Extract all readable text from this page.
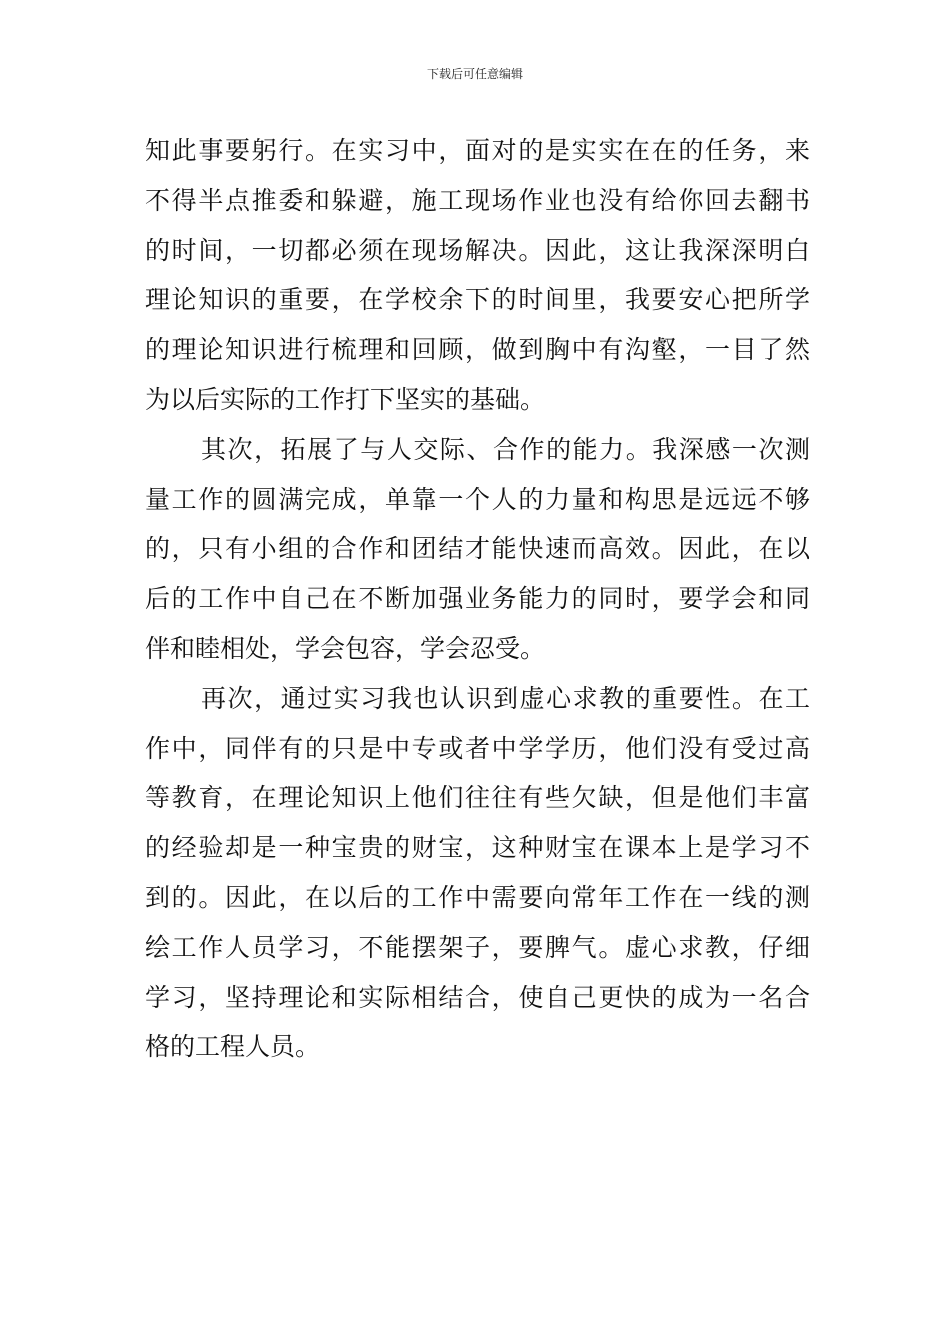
下载后可任意编辑
知此事要躬行。在实习中，面对的是实实在在的任务，来
不得半点推委和躲避，施工现场作业也没有给你回去翻书
的时间，一切都必须在现场解决。因此，这让我深深明白
理论知识的重要，在学校余下的时间里，我要安心把所学
的理论知识进行梳理和回顾，做到胸中有沟壑，一目了然
为以后实际的工作打下坚实的基础。
其次，拓展了与人交际、合作的能力。我深感一次测
量工作的圆满完成，单靠一个人的力量和构思是远远不够
的，只有小组的合作和团结才能快速而高效。因此，在以
后的工作中自己在不断加强业务能力的同时，要学会和同
伴和睦相处，学会包容，学会忍受。
再次，通过实习我也认识到虚心求教的重要性。在工
作中，同伴有的只是中专或者中学学历，他们没有受过高
等教育，在理论知识上他们往往有些欠缺，但是他们丰富
的经验却是一种宝贵的财宝，这种财宝在课本上是学习不
到的。因此，在以后的工作中需要向常年工作在一线的测
绘工作人员学习，不能摆架子，要脾气。虚心求教，仔细
学习，坚持理论和实际相结合，使自己更快的成为一名合
格的工程人员。
